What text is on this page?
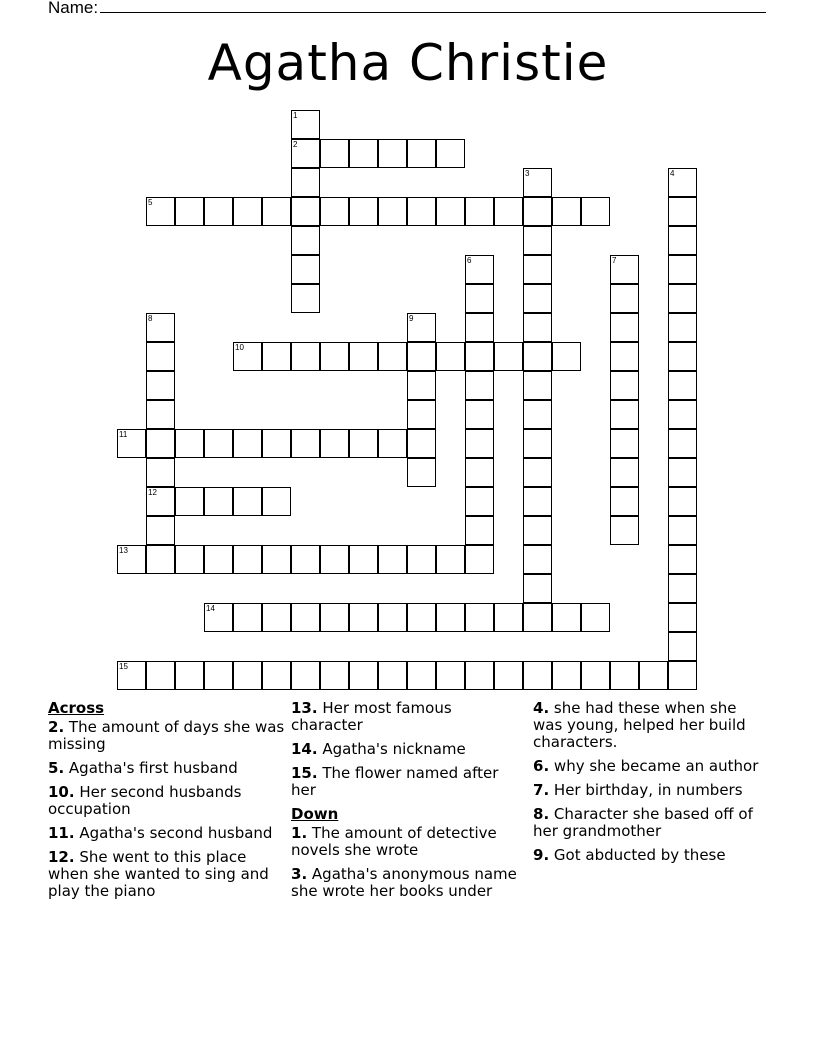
Name:
Agatha Christie
1
2
3	4
5
6	7
8
12
9
10
11
13
14
15
Across
2. The amount of days she was missing
5. Agatha's first husband
10. Her second husbands occupation
11. Agatha's second husband
12. She went to this place when she wanted to sing and play the piano
13. Her most famous character
14. Agatha's nickname
15. The flower named after her
Down
1. The amount of detective novels she wrote
3. Agatha's anonymous name she wrote her books under
4. she had these when she was young, helped her build characters.
6. why she became an author
7. Her birthday, in numbers
8. Character she based off of her grandmother
9. Got abducted by these
